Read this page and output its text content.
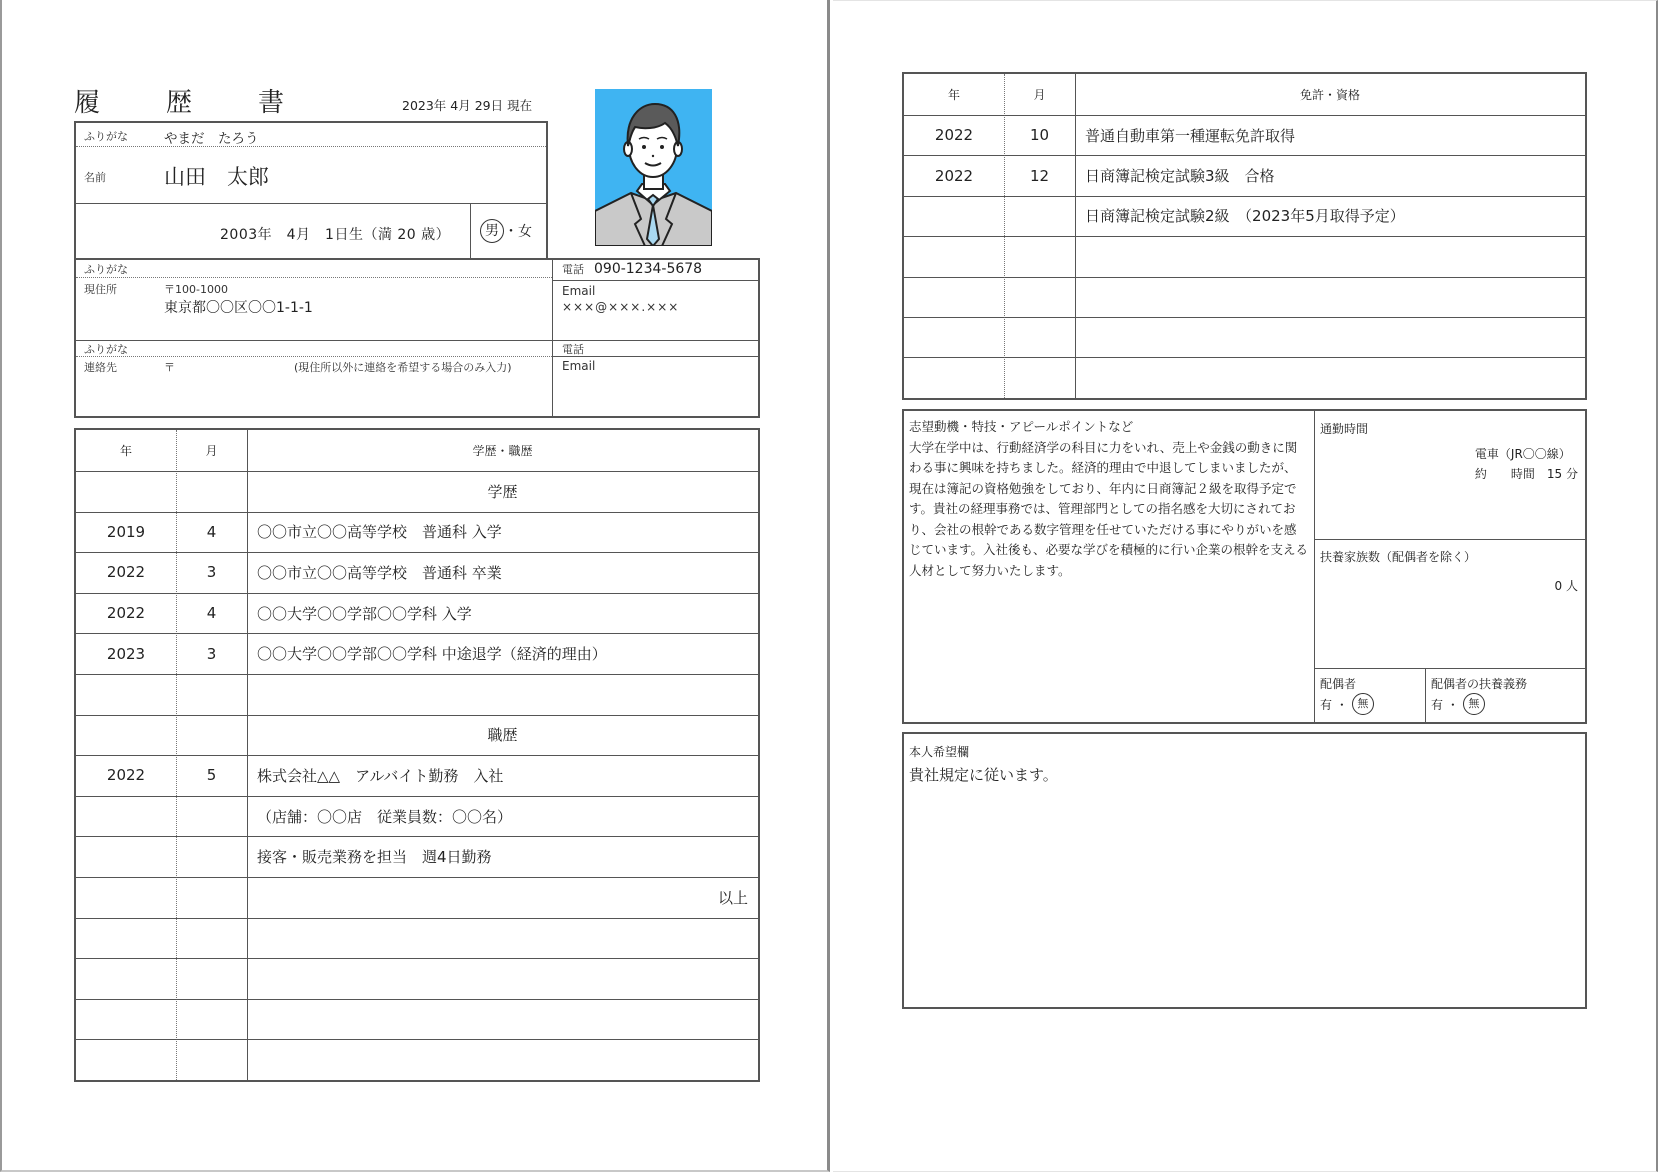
履　歴　書	2023年 4月 29日 現在
ふりがな	やまだ　たろう
名前	山田　太郎
2003年　4月　1日生（満 20 歳）	男 ・女
ふりがな
現住所	〒100-1000
東京都〇〇区〇〇1-1-1
電話 090-1234-5678
Email
×××@×××.×××
ふりがな
連絡先	〒	(現住所以外に連絡を希望する場合のみ入力)
電話
Email
年	月	学歴・職歴
学歴
2019	4	〇〇市立〇〇高等学校　普通科 入学
2022	3	〇〇市立〇〇高等学校　普通科 卒業
2022	4	〇〇大学〇〇学部〇〇学科 入学
2023	3	〇〇大学〇〇学部〇〇学科 中途退学（経済的理由）
職歴
2022	5	株式会社△△　アルバイト勤務　入社
（店舗：〇〇店　従業員数：〇〇名）
接客・販売業務を担当　週4日勤務
以上
年	月	免許・資格
2022	10	普通自動車第一種運転免許取得
2022	12	日商簿記検定試験3級　合格
日商簿記検定試験2級　（2023年5月取得予定）
志望動機・特技・アピールポイントなど
大学在学中は、行動経済学の科目に力をいれ、売上や金銭の動きに関
わる事に興味を持ちました。経済的理由で中退してしまいましたが、
現在は簿記の資格勉強をしており、年内に日商簿記２級を取得予定で
す。貴社の経理事務では、管理部門としての指名感を大切にされてお
り、会社の根幹である数字管理を任せていただける事にやりがいを感
じています。入社後も、必要な学びを積極的に行い企業の根幹を支える
人材として努力いたします。
通勤時間
電車（JR〇〇線）
約　　時間　15 分
扶養家族数（配偶者を除く）
0 人
配偶者
有 ・ 無
配偶者の扶養義務
有 ・ 無
本人希望欄
貴社規定に従います。
